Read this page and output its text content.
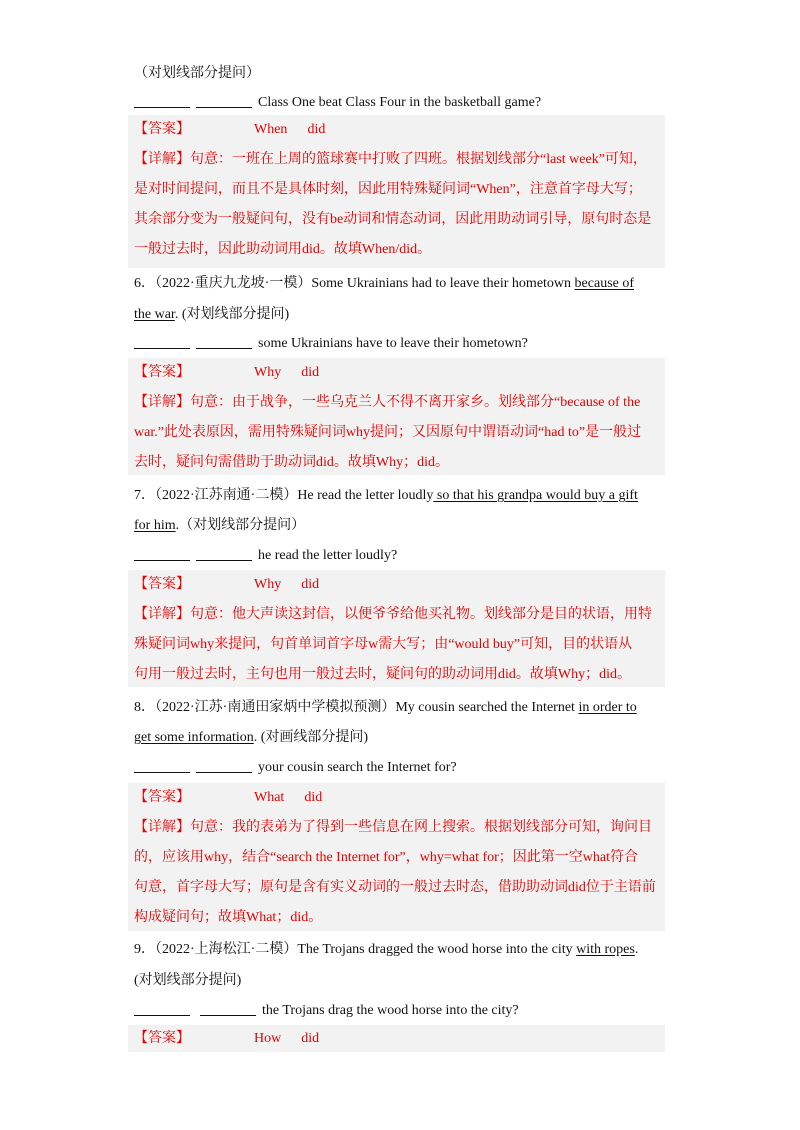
（对划线部分提问）
Class One beat Class Four in the basketball game?
【答案】	When did
【详解】句意：一班在上周的篮球赛中打败了四班。根据划线部分“last week”可知，
是对时间提问，而且不是具体时刻，因此用特殊疑问词“When”，注意首字母大写；
其余部分变为一般疑问句，没有be动词和情态动词，因此用助动词引导，原句时态是
一般过去时，因此助动词用did。故填When/did。
6．（2022·重庆九龙坡·一模）Some Ukrainians had to leave their hometown because of
the war. (对划线部分提问)
some Ukrainians have to leave their hometown?
【答案】	Why did
【详解】句意：由于战争，一些乌克兰人不得不离开家乡。划线部分“because of the
war.”此处表原因，需用特殊疑问词why提问；又因原句中谓语动词“had to”是一般过
去时，疑问句需借助于助动词did。故填Why；did。
7．（2022·江苏南通·二模）He read the letter loudly so that his grandpa would buy a gift
for him.（对划线部分提问）
he read the letter loudly?
【答案】	Why did
【详解】句意：他大声读这封信，以便爷爷给他买礼物。划线部分是目的状语，用特
殊疑问词why来提问，句首单词首字母w需大写；由“would buy”可知，目的状语从
句用一般过去时，主句也用一般过去时，疑问句的助动词用did。故填Why；did。
8．（2022·江苏·南通田家炳中学模拟预测）My cousin searched the Internet in order to
get some information. (对画线部分提问)
your cousin search the Internet for?
【答案】	What did
【详解】句意：我的表弟为了得到一些信息在网上搜索。根据划线部分可知，询问目
的，应该用why，结合“search the Internet for”，why=what for；因此第一空what符合
句意，首字母大写；原句是含有实义动词的一般过去时态，借助助动词did位于主语前
构成疑问句；故填What；did。
9．（2022·上海松江·二模）The Trojans dragged the wood horse into the city with ropes.
(对划线部分提问)
the Trojans drag the wood horse into the city?
【答案】	How did
